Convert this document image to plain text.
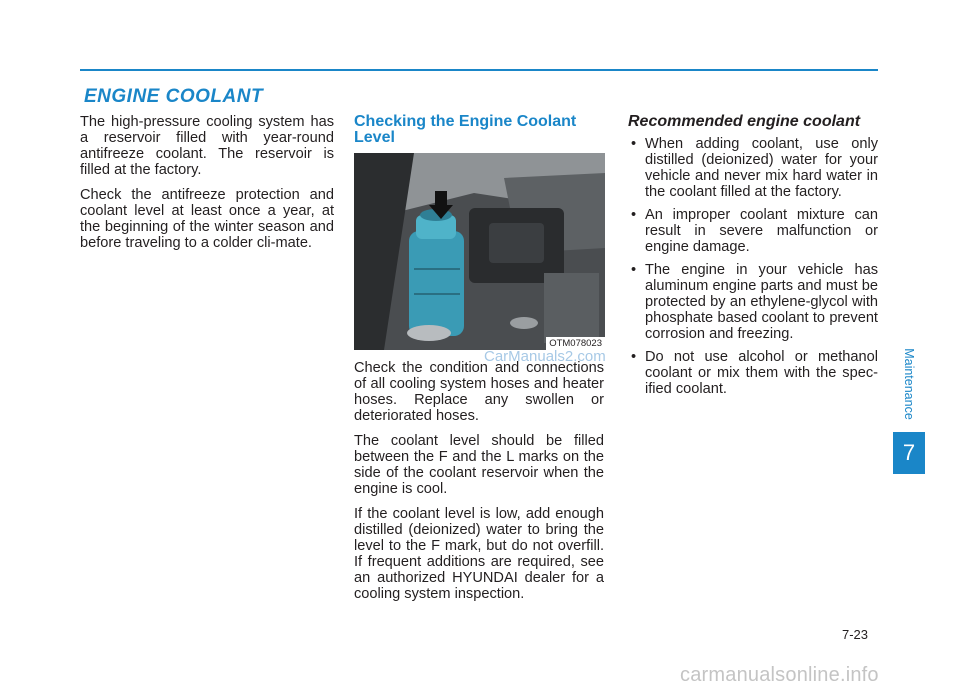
ENGINE COOLANT

The high-pressure cooling system has a reservoir filled with year-round antifreeze coolant. The reservoir is filled at the factory.

Check the antifreeze protection and coolant level at least once a year, at the beginning of the winter season and before traveling to a colder cli-mate.

Checking the Engine Coolant Level
OTM078023

Check the condition and connections of all cooling system hoses and heater hoses. Replace any swollen or deteriorated hoses.

The coolant level should be filled between the F and the L marks on the side of the coolant reservoir when the engine is cool.

If the coolant level is low, add enough distilled (deionized) water to bring the level to the F mark, but do not overfill. If frequent additions are required, see an authorized HYUNDAI dealer for a cooling system inspection.

CarManuals2.com
Recommended engine coolant
• When adding coolant, use only distilled (deionized) water for your vehicle and never mix hard water in the coolant filled at the factory.
• An improper coolant mixture can result in severe malfunction or engine damage.
• The engine in your vehicle has aluminum engine parts and must be protected by an ethylene-glycol with phosphate based coolant to prevent corrosion and freezing.
• Do not use alcohol or methanol coolant or mix them with the spec-ified coolant.	Maintenance
7
7-23
carmanualsonline.info
